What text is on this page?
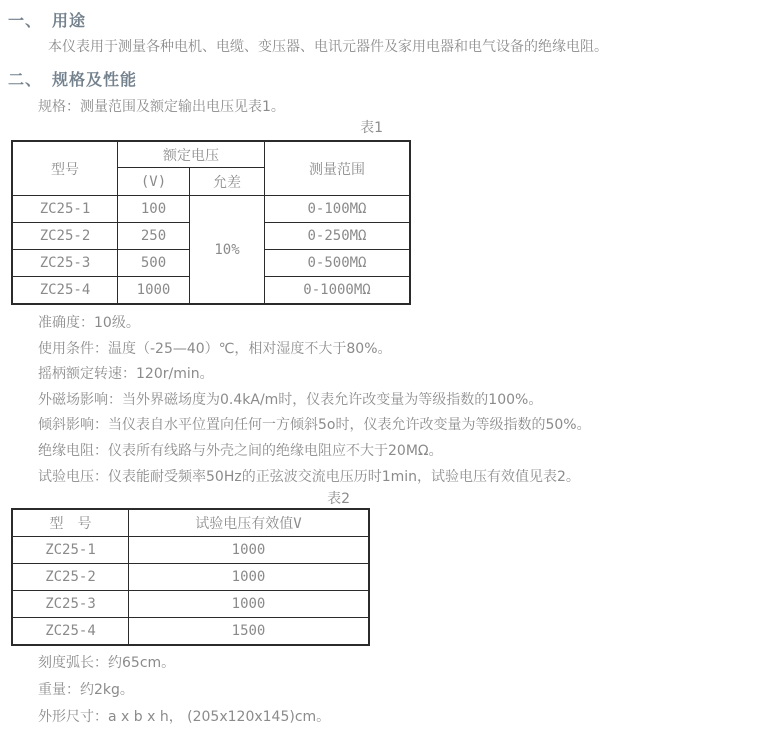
一、 用途

本仪表用于测量各种电机、电缆、变压器、电讯元器件及家用电器和电气设备的绝缘电阻。

二、 规格及性能

规格：测量范围及额定输出电压见表1。

表1
型号	额定电压		测量范围
	(V)	允差	
ZC25-1	100	10%	0-100MΩ
ZC25-2	250		0-250MΩ
ZC25-3	500		0-500MΩ
ZC25-4	1000		0-1000MΩ

准确度：10级。

使用条件：温度（-25—40）℃，相对湿度不大于80%。

摇柄额定转速：120r/min。

外磁场影响：当外界磁场度为0.4kA/m时，仪表允许改变量为等级指数的100%。

倾斜影响：当仪表自水平位置向任何一方倾斜5o时，仪表允许改变量为等级指数的50%。

绝缘电阻：仪表所有线路与外壳之间的绝缘电阻应不大于20MΩ。

试验电压：仪表能耐受频率50Hz的正弦波交流电压历时1min，试验电压有效值见表2。

表2
型　号	试验电压有效值V
ZC25-1	1000
ZC25-2	1000
ZC25-3	1000
ZC25-4	1500

刻度弧长：约65cm。

重量：约2kg。

外形尺寸：a x b x h， (205x120x145)cm。
